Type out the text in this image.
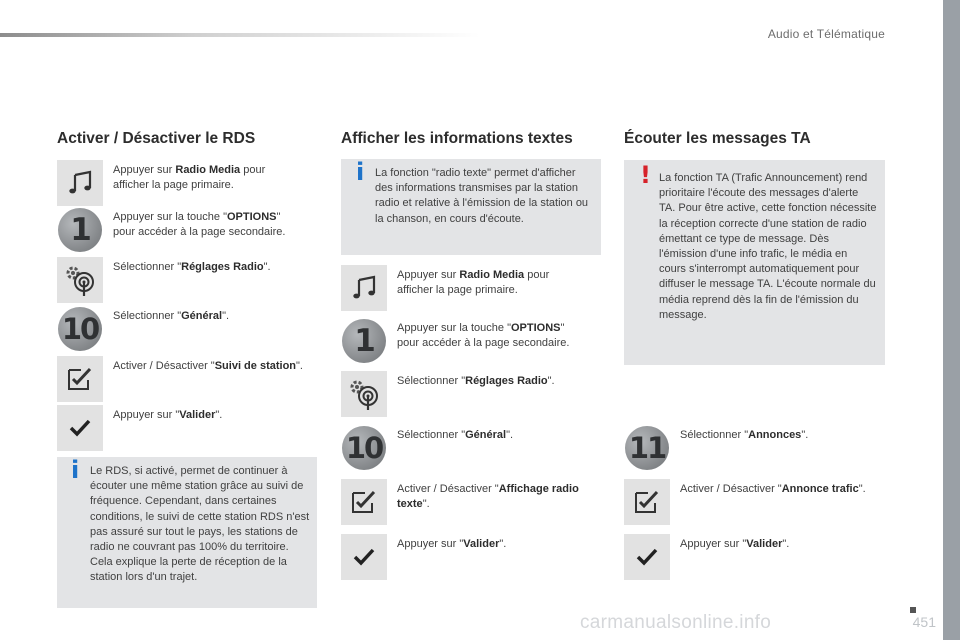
Audio et Télématique
451
Activer / Désactiver le RDS
Appuyer sur Radio Media pour afficher la page primaire.
1	Appuyer sur la touche "OPTIONS" pour accéder à la page secondaire.
Sélectionner "Réglages Radio".
10	Sélectionner "Général".
Activer / Désactiver "Suivi de station".
Appuyer sur "Valider".
i Le RDS, si activé, permet de continuer à écouter une même station grâce au suivi de fréquence. Cependant, dans certaines conditions, le suivi de cette station RDS n'est pas assuré sur tout le pays, les stations de radio ne couvrant pas 100% du territoire. Cela explique la perte de réception de la station lors d'un trajet.
Afficher les informations textes
i La fonction "radio texte" permet d'afficher des informations transmises par la station radio et relative à l'émission de la station ou la chanson, en cours d'écoute.
Appuyer sur Radio Media pour afficher la page primaire.
1	Appuyer sur la touche "OPTIONS" pour accéder à la page secondaire.
Sélectionner "Réglages Radio".
10	Sélectionner "Général".
Activer / Désactiver "Affichage radio texte".
Appuyer sur "Valider".
Écouter les messages TA
! La fonction TA (Trafic Announcement) rend prioritaire l'écoute des messages d'alerte TA. Pour être active, cette fonction nécessite la réception correcte d'une station de radio émettant ce type de message. Dès l'émission d'une info trafic, le média en cours s'interrompt automatiquement pour diffuser le message TA. L'écoute normale du média reprend dès la fin de l'émission du message.
11	Sélectionner "Annonces".
Activer / Désactiver "Annonce trafic".
Appuyer sur "Valider".
carmanualsonline.info
